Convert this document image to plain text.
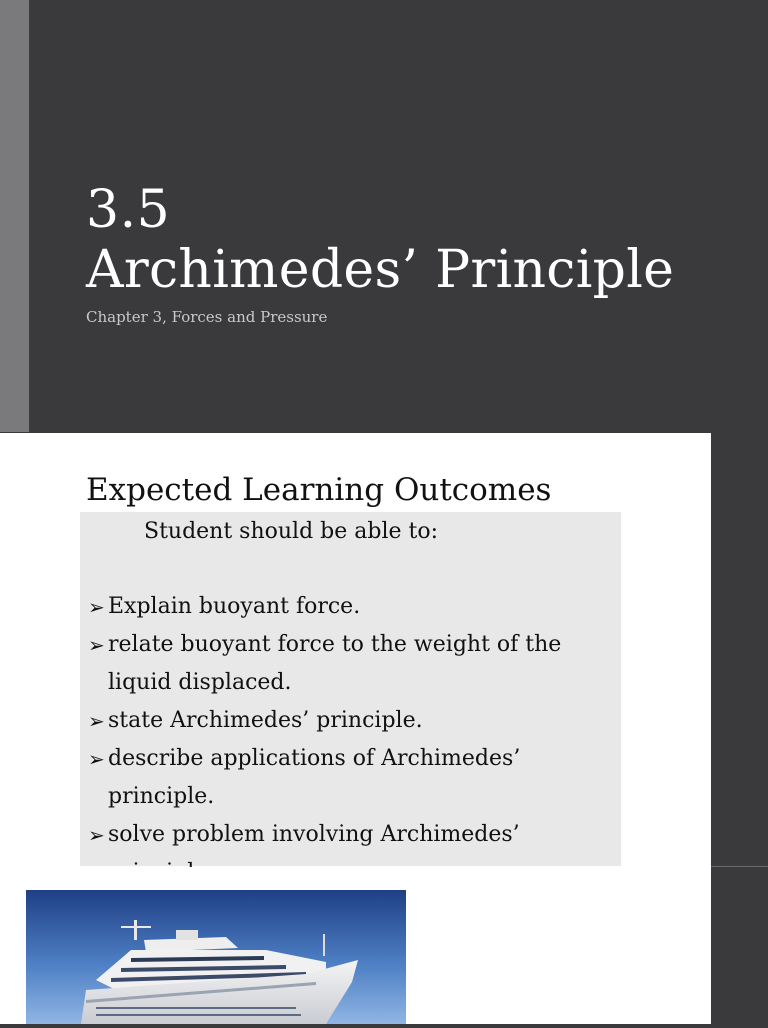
3.5
Archimedes’ Principle
Chapter 3, Forces and Pressure
Expected Learning Outcomes
Student should be able to:
➢ Explain buoyant force.
➢ relate buoyant force to the weight of the liquid displaced.
➢ state Archimedes’ principle.
➢ describe applications of Archimedes’ principle.
➢ solve problem involving Archimedes’
